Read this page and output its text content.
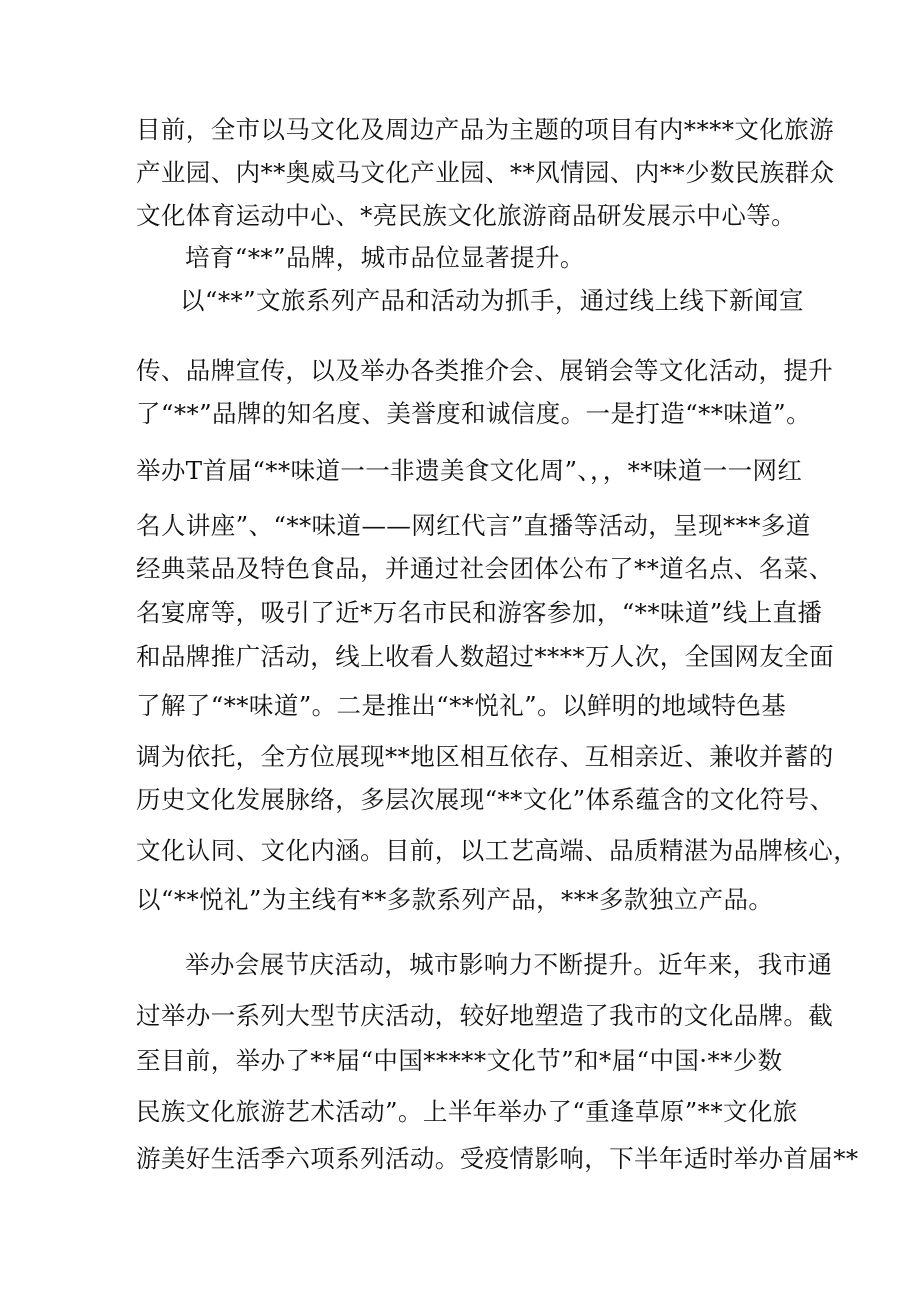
目前，全市以马文化及周边产品为主题的项目有内****文化旅游
产业园、内**奥威马文化产业园、**风情园、内**少数民族群众
文化体育运动中心、*亮民族文化旅游商品研发展示中心等。
培育“**”品牌，城市品位显著提升。
以“**”文旅系列产品和活动为抓手，通过线上线下新闻宣
传、品牌宣传，以及举办各类推介会、展销会等文化活动，提升
了“**”品牌的知名度、美誉度和诚信度。一是打造“**味道”。
举办T首届“**味道一一非遗美食文化周”、，，**味道一一网红
名人讲座”、“**味道——网红代言”直播等活动，呈现***多道
经典菜品及特色食品，并通过社会团体公布了**道名点、名菜、
名宴席等，吸引了近*万名市民和游客参加，“**味道”线上直播
和品牌推广活动，线上收看人数超过****万人次，全国网友全面
了解了“**味道”。二是推出“**悦礼”。以鲜明的地域特色基
调为依托，全方位展现**地区相互依存、互相亲近、兼收并蓄的
历史文化发展脉络，多层次展现“**文化”体系蕴含的文化符号、
文化认同、文化内涵。目前，以工艺高端、品质精湛为品牌核心，
以“**悦礼”为主线有**多款系列产品，***多款独立产品。
举办会展节庆活动，城市影响力不断提升。近年来，我市通
过举办一系列大型节庆活动，较好地塑造了我市的文化品牌。截
至目前，举办了**届“中国*****文化节”和*届“中国·**少数
民族文化旅游艺术活动”。上半年举办了“重逢草原”**文化旅
游美好生活季六项系列活动。受疫情影响，下半年适时举办首届**
